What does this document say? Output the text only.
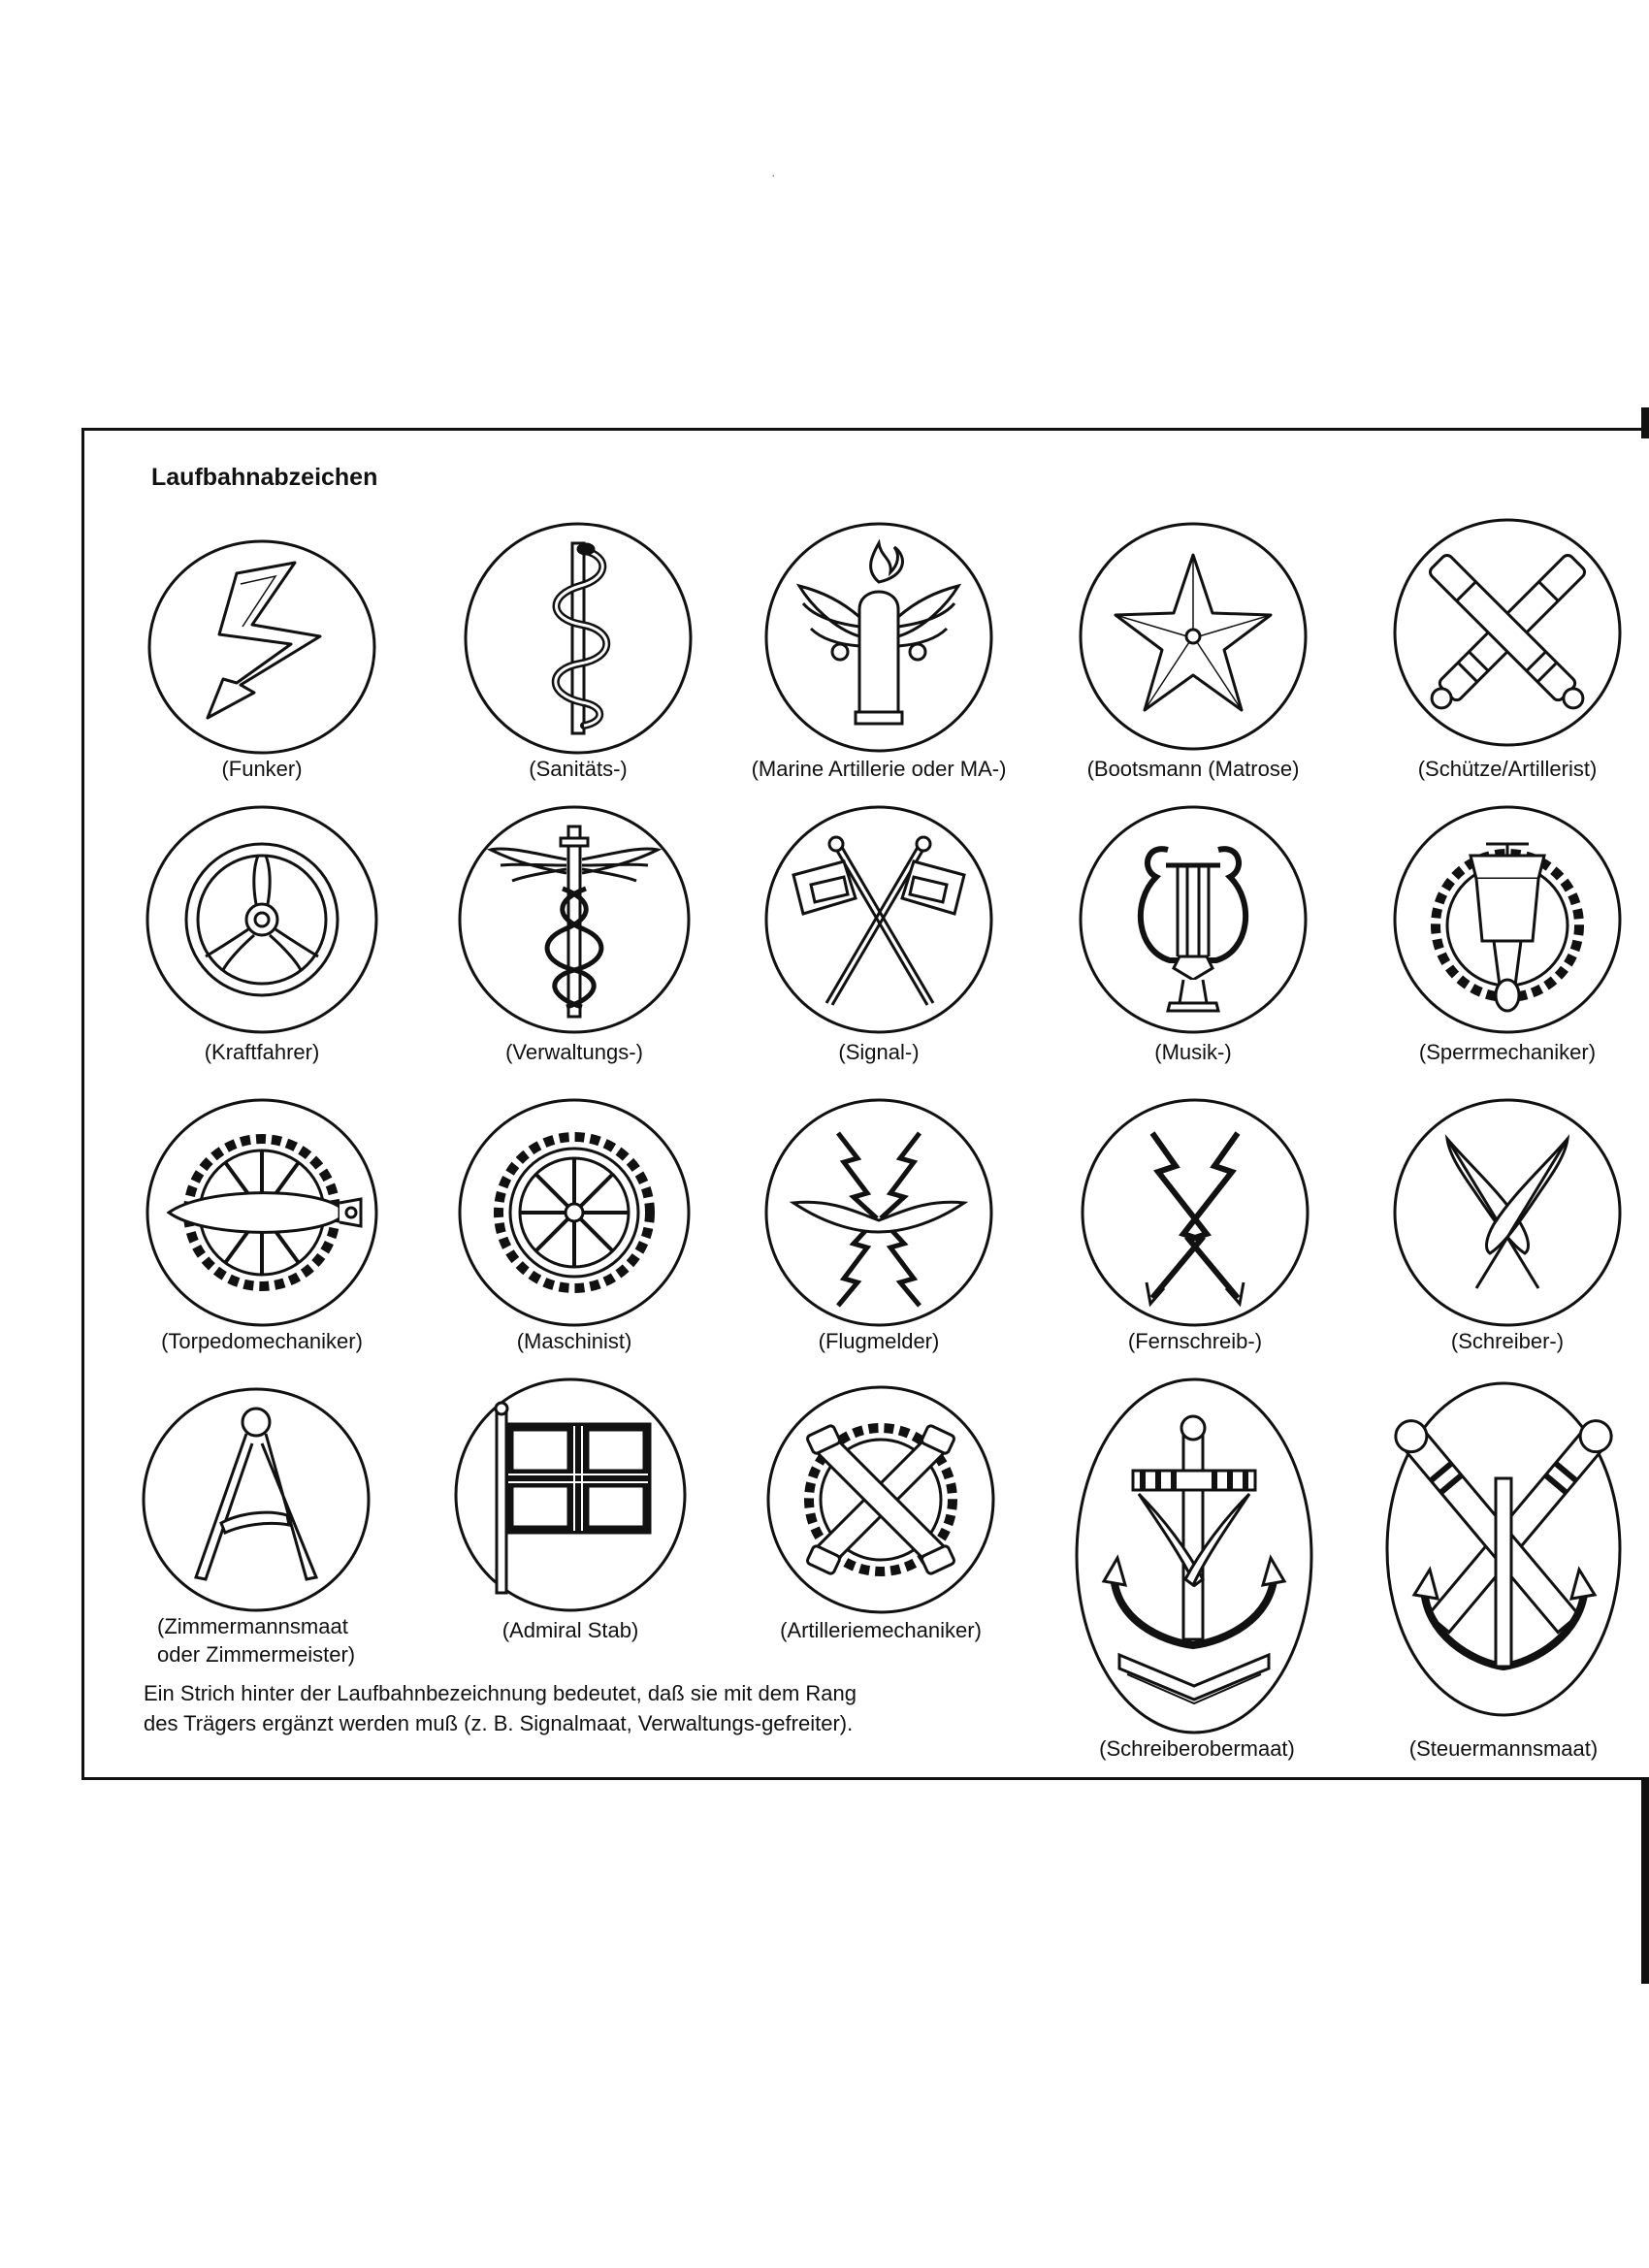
·
Laufbahnabzeichen
(Funker)	(Sanitäts-)	(Marine Artillerie oder MA-)	(Bootsmann (Matrose)	(Schütze/Artillerist)
(Kraftfahrer)	(Verwaltungs-)	(Signal-)	(Musik-)	(Sperrmechaniker)
(Torpedomechaniker)	(Maschinist)	(Flugmelder)	(Fernschreib-)	(Schreiber-)
(Zimmermannsmaat
oder Zimmermeister)
(Admiral Stab)	(Artilleriemechaniker)
(Schreiberobermaat)	(Steuermannsmaat)
Ein Strich hinter der Laufbahnbezeichnung bedeutet, daß sie mit dem Rang des Trägers ergänzt werden muß (z. B. Signalmaat, Verwaltungs-gefreiter).
